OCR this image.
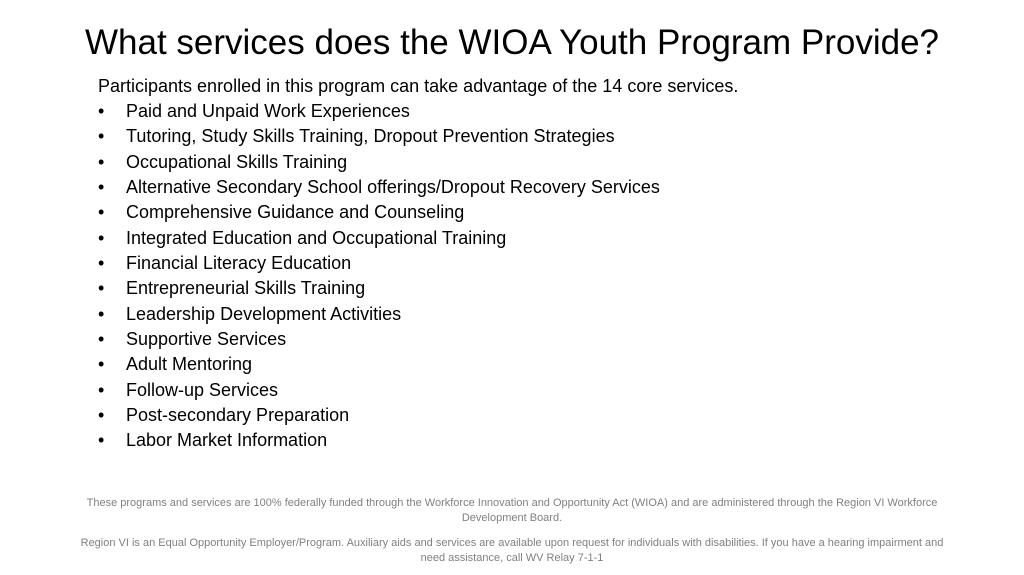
What services does the WIOA Youth Program Provide?
Participants enrolled in this program can take advantage of the 14 core services.
•	Paid and Unpaid Work Experiences
•	Tutoring, Study Skills Training, Dropout Prevention Strategies
•	Occupational Skills Training
•	Alternative Secondary School offerings/Dropout Recovery Services
•	Comprehensive Guidance and Counseling
•	Integrated Education and Occupational Training
•	Financial Literacy Education
•	Entrepreneurial Skills Training
•	Leadership Development Activities
•	Supportive Services
•	Adult Mentoring
•	Follow-up Services
•	Post-secondary Preparation
•	Labor Market Information
These programs and services are 100% federally funded through the Workforce Innovation and Opportunity Act (WIOA) and are administered through the Region VI Workforce Development Board.
Region VI is an Equal Opportunity Employer/Program. Auxiliary aids and services are available upon request for individuals with disabilities. If you have a hearing impairment and need assistance, call WV Relay 7-1-1
